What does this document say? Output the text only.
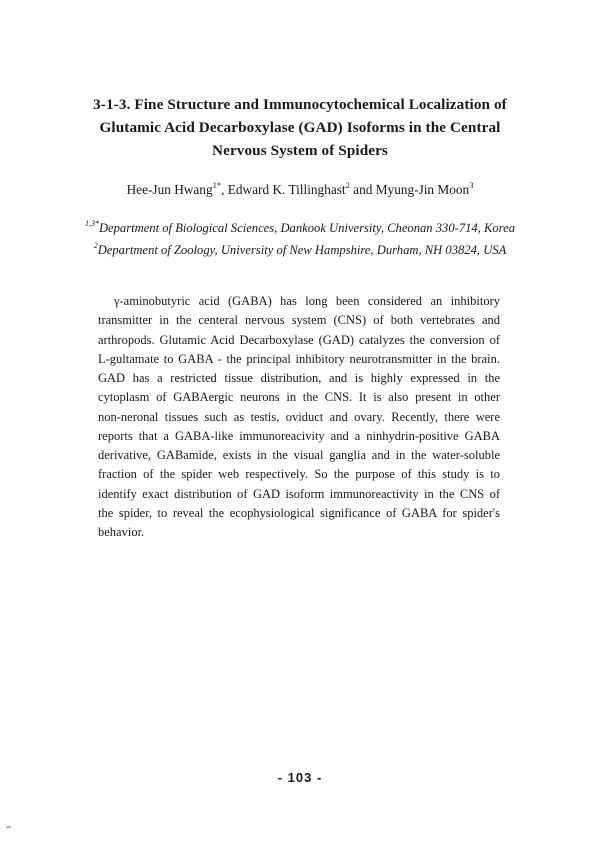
3-1-3. Fine Structure and Immunocytochemical Localization of
Glutamic Acid Decarboxylase (GAD) Isoforms in the Central
Nervous System of Spiders
Hee-Jun Hwang$^{1*}$, Edward K. Tillinghast$^2$ and Myung-Jin Moon$^3$
$^{1,3*}$Department of Biological Sciences, Dankook University, Cheonan 330-714, Korea
$^2$Department of Zoology, University of New Hampshire, Durham, NH 03824, USA
γ-aminobutyric acid (GABA) has long been considered an inhibitory
transmitter in the centeral nervous system (CNS) of both vertebrates and
arthropods. Glutamic Acid Decarboxylase (GAD) catalyzes the conversion of
L-gultamate to GABA - the principal inhibitory neurotransmitter in the brain.
GAD has a restricted tissue distribution, and is highly expressed in the
cytoplasm of GABAergic neurons in the CNS. It is also present in other
non-neronal tissues such as testis, oviduct and ovary. Recently, there were
reports that a GABA-like immunoreacivity and a ninhydrin-positive GABA
derivative, GABamide, exists in the visual ganglia and in the water-soluble
fraction of the spider web respectively. So the purpose of this study is to
identify exact distribution of GAD isoform immunoreactivity in the CNS of
the spider, to reveal the ecophysiological significance of GABA for spider's
behavior.
- 103 -
